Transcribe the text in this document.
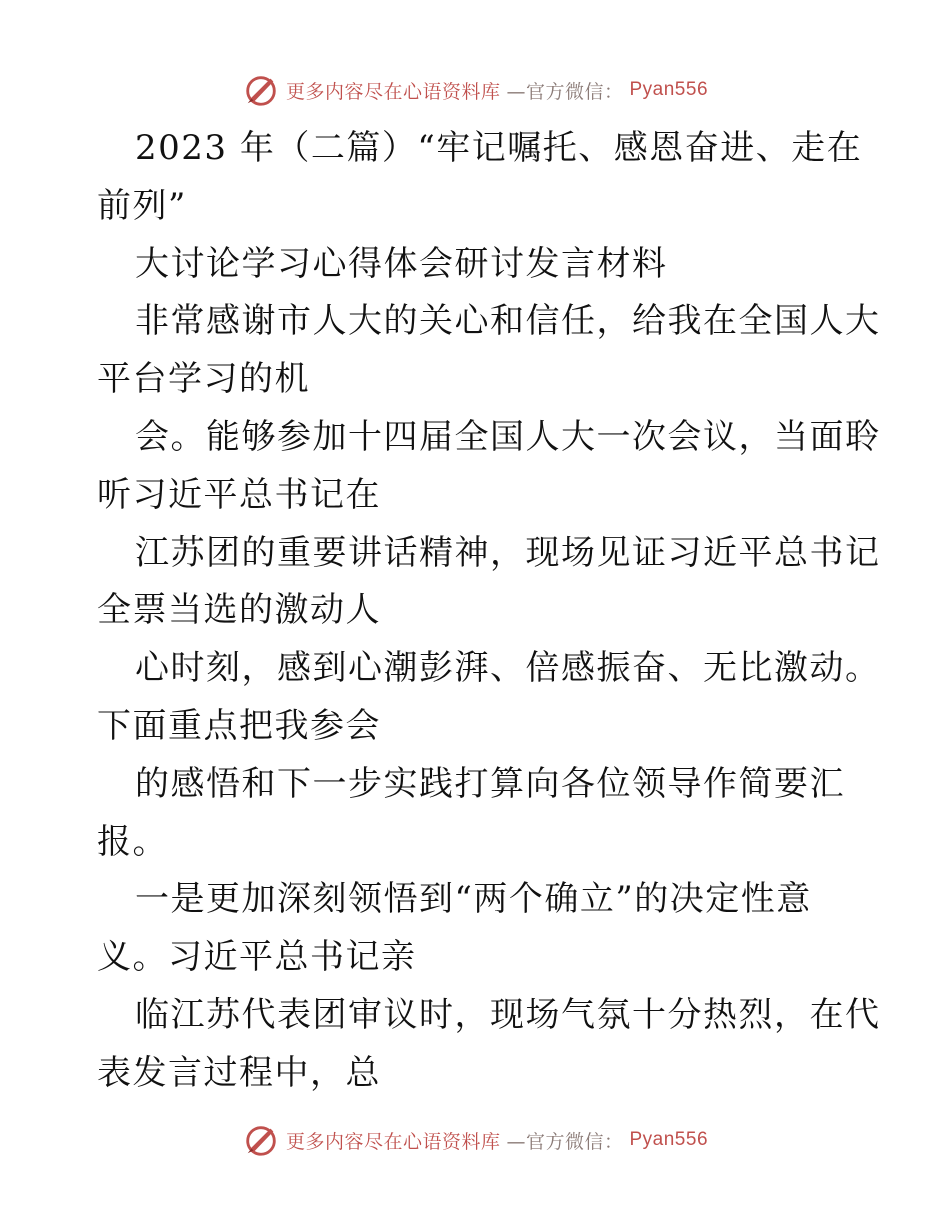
更多内容尽在心语资料库 —官方微信： Pyan556
2023 年（二篇）“牢记嘱托、感恩奋进、走在
前列”
大讨论学习心得体会研讨发言材料
非常感谢市人大的关心和信任，给我在全国人大
平台学习的机
会。能够参加十四届全国人大一次会议，当面聆
听习近平总书记在
江苏团的重要讲话精神，现场见证习近平总书记
全票当选的激动人
心时刻，感到心潮彭湃、倍感振奋、无比激动。
下面重点把我参会
的感悟和下一步实践打算向各位领导作简要汇
报。
一是更加深刻领悟到“两个确立”的决定性意
义。习近平总书记亲
临江苏代表团审议时，现场气氛十分热烈，在代
表发言过程中，总
更多内容尽在心语资料库 —官方微信： Pyan556
